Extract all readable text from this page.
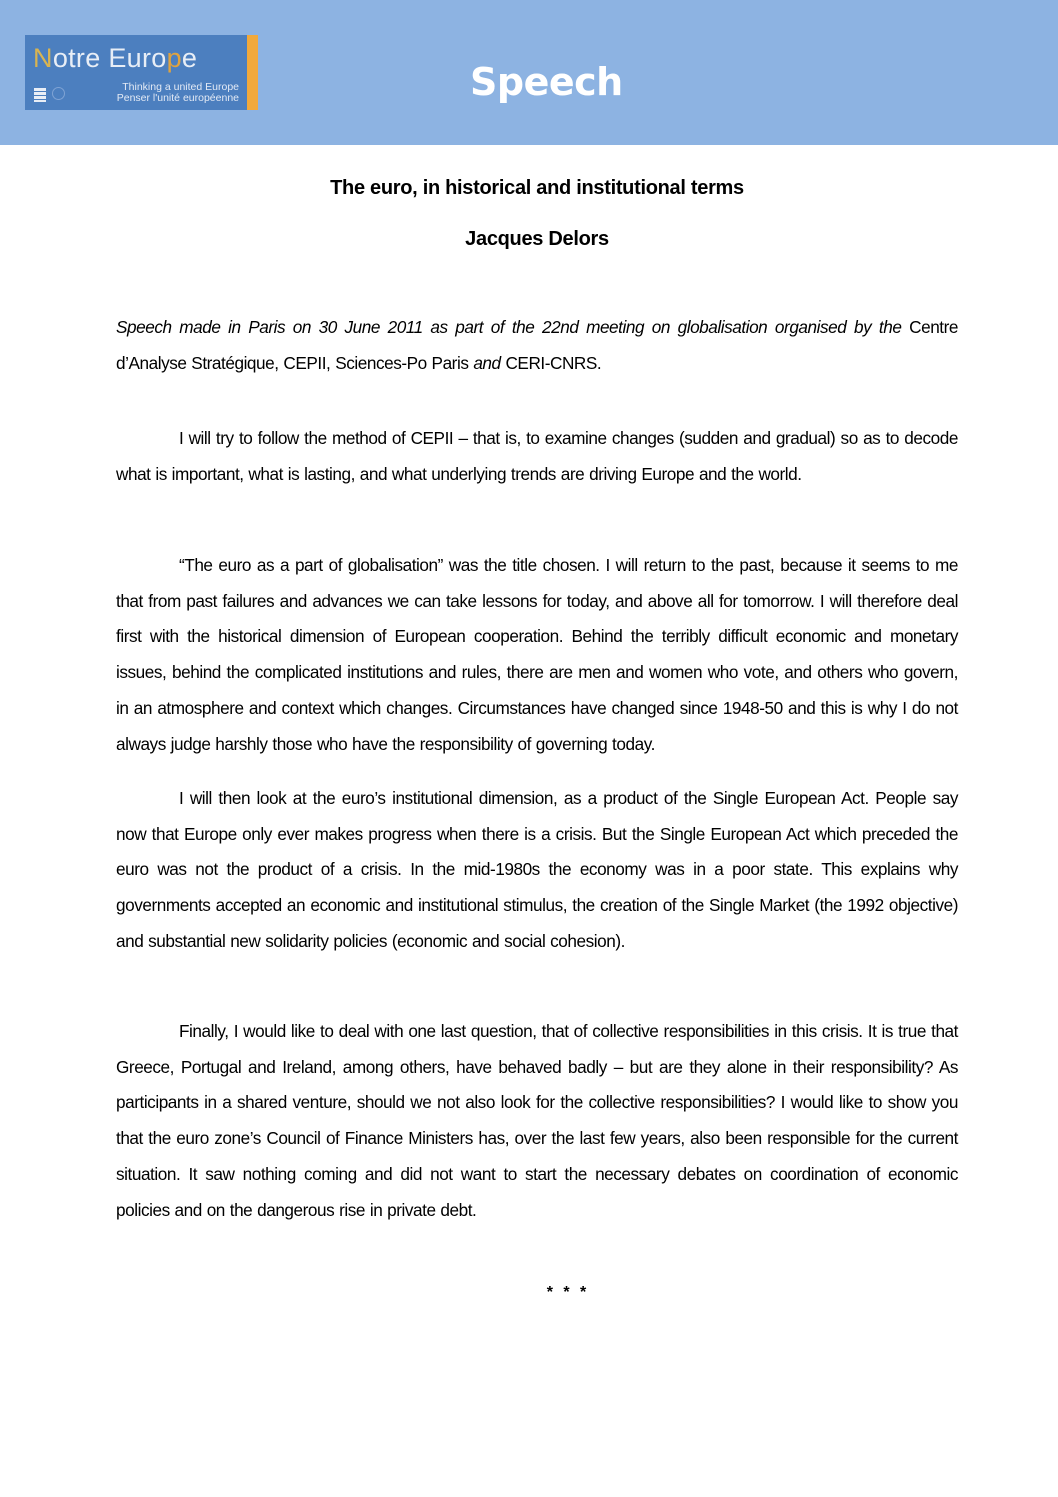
Notre Europe
Thinking a united Europe
Penser l'unité européenne	Speech
The euro, in historical and institutional terms
Jacques Delors
Speech made in Paris on 30 June 2011 as part of the 22nd meeting on globalisation organised by the Centre d’Analyse Stratégique, CEPII, Sciences-Po Paris and CERI-CNRS.

I will try to follow the method of CEPII – that is, to examine changes (sudden and gradual) so as to decode what is important, what is lasting, and what underlying trends are driving Europe and the world.

“The euro as a part of globalisation” was the title chosen. I will return to the past, because it seems to me that from past failures and advances we can take lessons for today, and above all for tomorrow. I will therefore deal first with the historical dimension of European cooperation. Behind the terribly difficult economic and monetary issues, behind the complicated institutions and rules, there are men and women who vote, and others who govern, in an atmosphere and context which changes. Circumstances have changed since 1948-50 and this is why I do not always judge harshly those who have the responsibility of governing today.

I will then look at the euro’s institutional dimension, as a product of the Single European Act. People say now that Europe only ever makes progress when there is a crisis. But the Single European Act which preceded the euro was not the product of a crisis. In the mid-1980s the economy was in a poor state. This explains why governments accepted an economic and institutional stimulus, the creation of the Single Market (the 1992 objective) and substantial new solidarity policies (economic and social cohesion).

Finally, I would like to deal with one last question, that of collective responsibilities in this crisis. It is true that Greece, Portugal and Ireland, among others, have behaved badly – but are they alone in their responsibility? As participants in a shared venture, should we not also look for the collective responsibilities? I would like to show you that the euro zone’s Council of Finance Ministers has, over the last few years, also been responsible for the current situation. It saw nothing coming and did not want to start the necessary debates on coordination of economic policies and on the dangerous rise in private debt.

* * *
